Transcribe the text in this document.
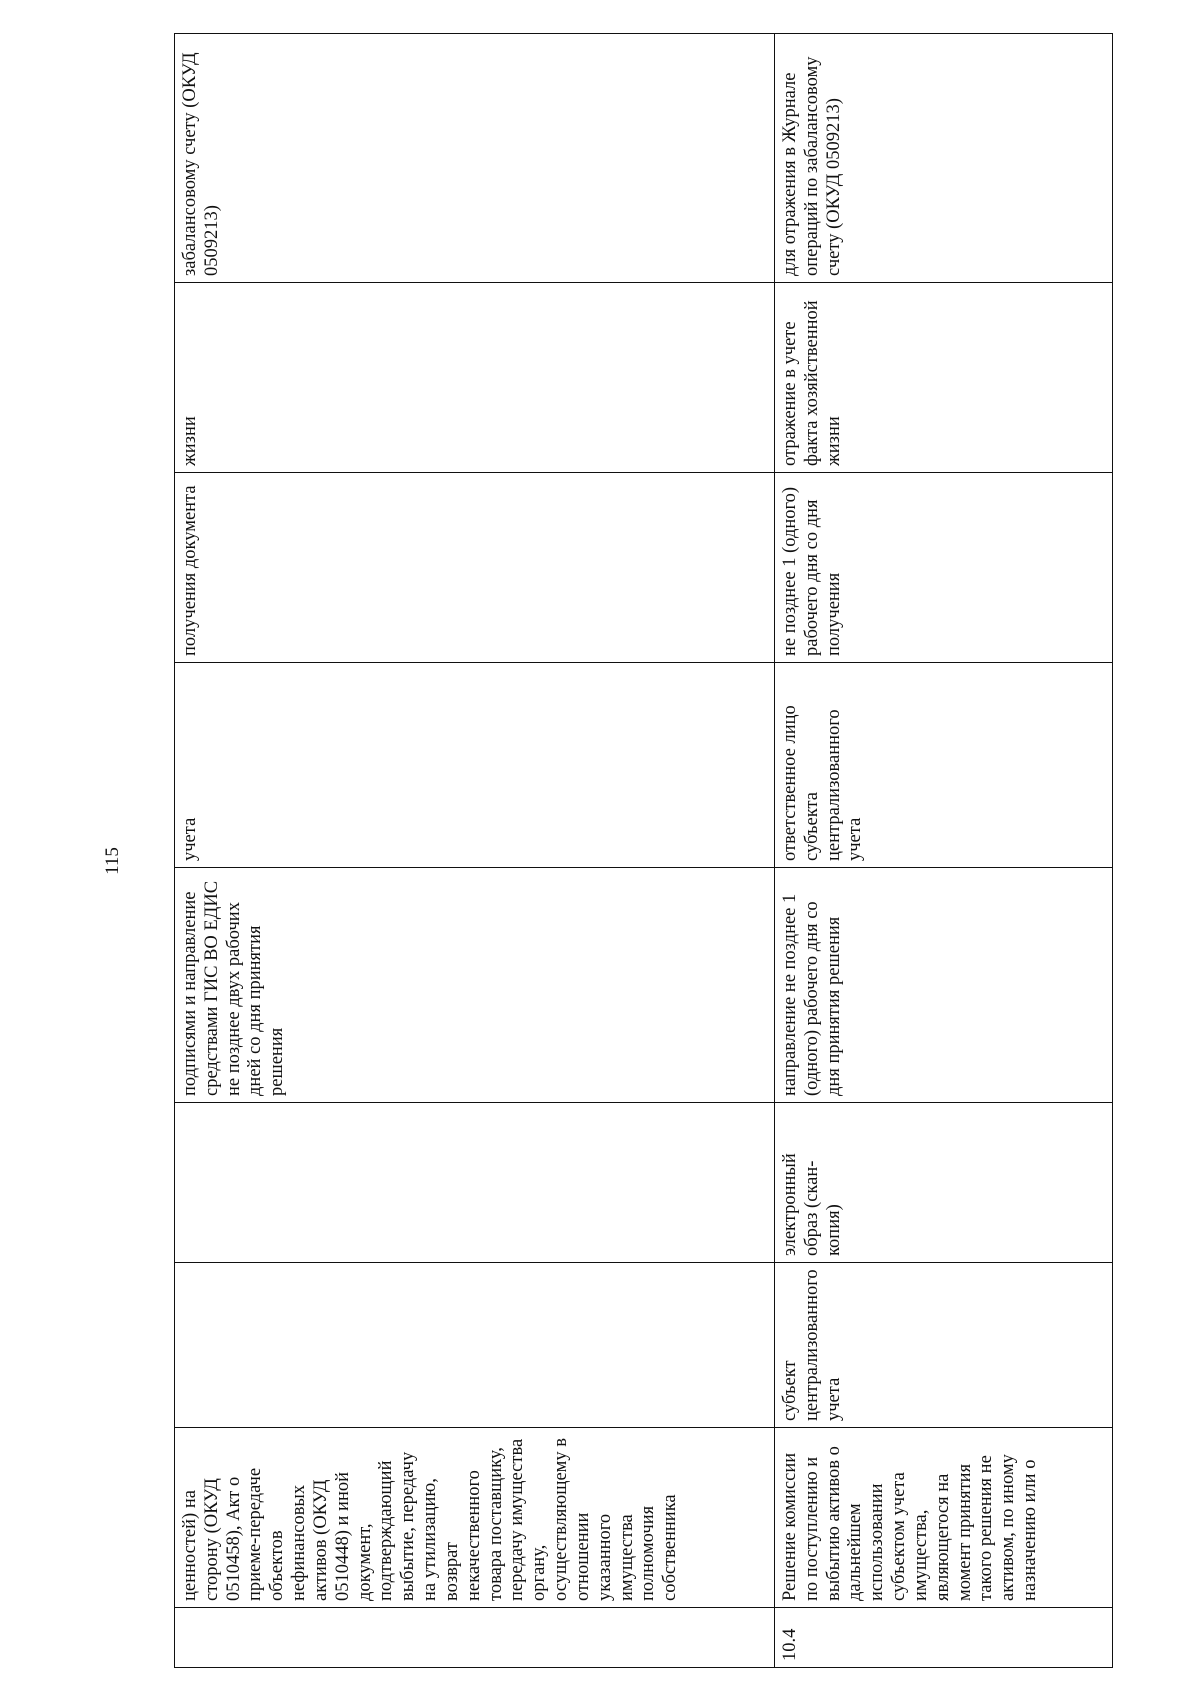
115
	ценностей) на сторону (ОКУД 0510458), Акт о приеме-передаче объектов нефинансовых активов (ОКУД 0510448) и иной документ, подтверждающий выбытие, передачу на утилизацию, возврат некачественного товара поставщику, передачу имущества органу, осуществляющему в отношении указанного имущества полномочия собственника			подписями и направление средствами ГИС ВО ЕДИС не позднее двух рабочих дней со дня принятия решения	учета	получения документа	жизни	забалансовому счету (ОКУД 0509213)
10.4	Решение комиссии по поступлению и выбытию активов о дальнейшем использовании субъектом учета имущества, являющегося на момент принятия такого решения не активом, по иному назначению или о	субъект централизованного учета	электронный образ (скан-копия)	направление не позднее 1 (одного) рабочего дня со дня принятия решения	ответственное лицо субъекта централизованного учета	не позднее 1 (одного) рабочего дня со дня получения	отражение в учете факта хозяйственной жизни	для отражения в Журнале операций по забалансовому счету (ОКУД 0509213)
